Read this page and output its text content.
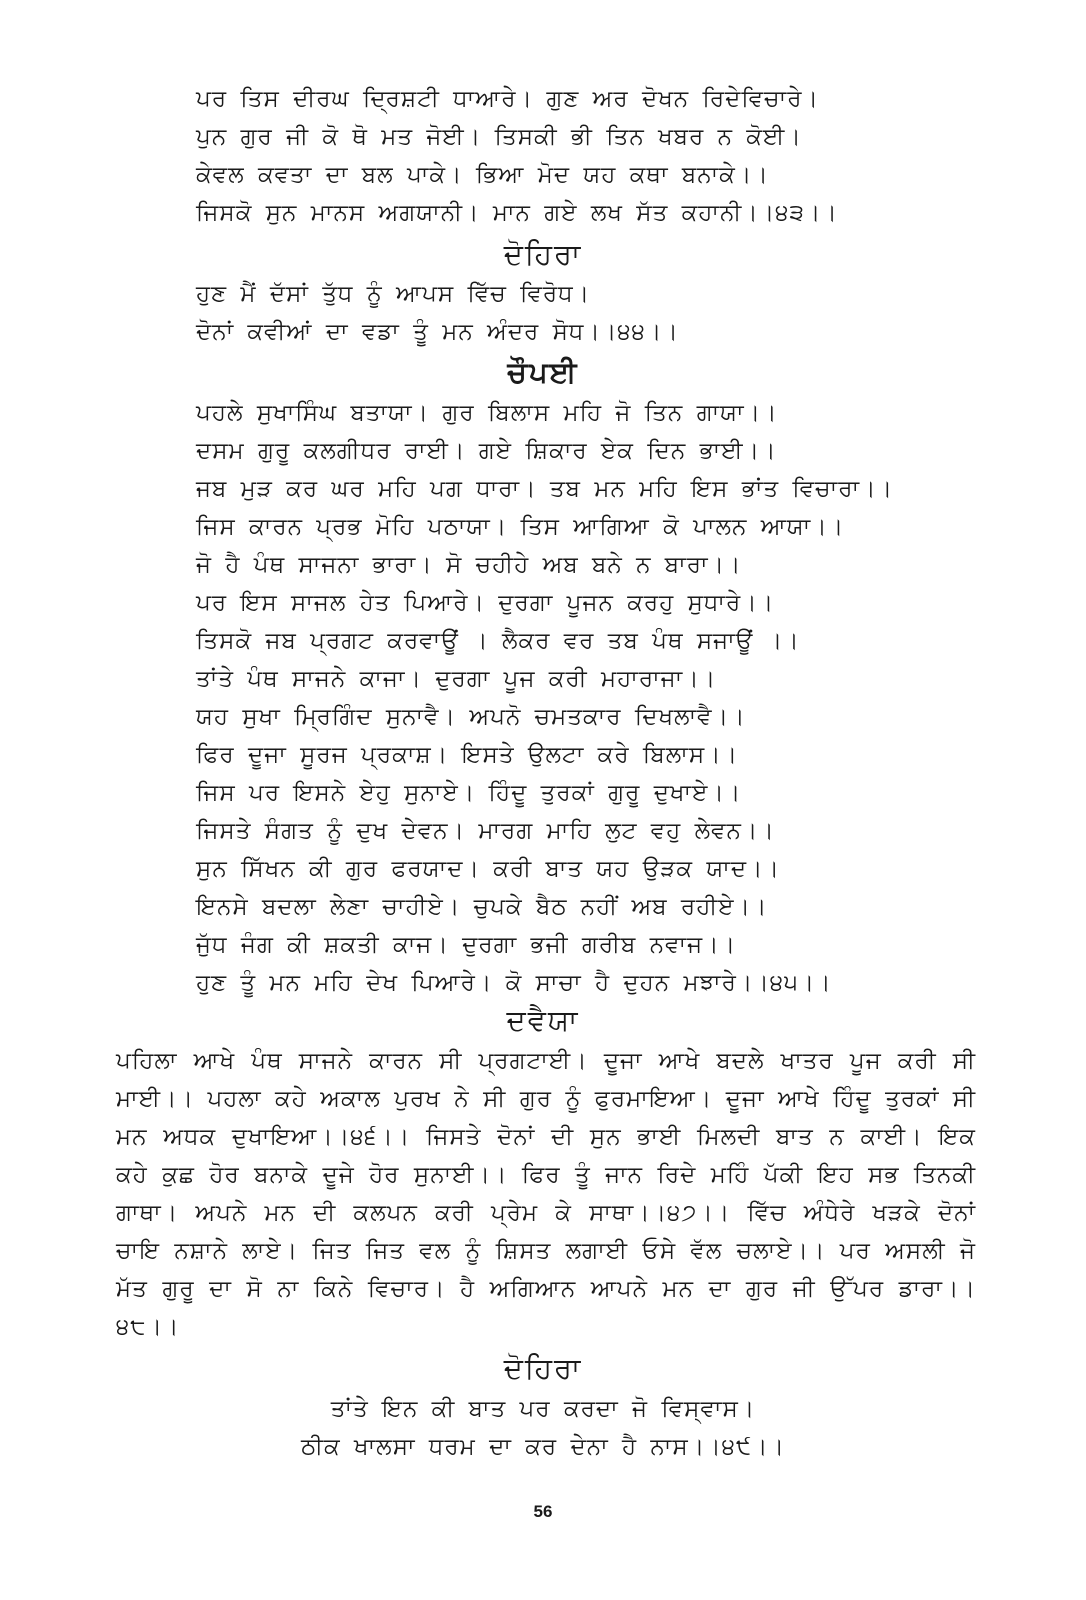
ਪਰ ਤਿਸ ਦੀਰਘ ਦ੍ਰਿਸ਼ਟੀ ਧਾਆਰੇ। ਗੁਣ ਅਰ ਦੋਖਨ ਰਿਦੇਵਿਚਾਰੇ।
ਪੁਨ ਗੁਰ ਜੀ ਕੋ ਥੋ ਮਤ ਜੋਈ। ਤਿਸਕੀ ਭੀ ਤਿਨ ਖਬਰ ਨ ਕੋਈ।
ਕੇਵਲ ਕਵਤਾ ਦਾ ਬਲ ਪਾਕੇ। ਭਿਆ ਮੋਦ ਯਹ ਕਥਾ ਬਨਾਕੇ।।
ਜਿਸਕੋ ਸੁਨ ਮਾਨਸ ਅਗਯਾਨੀ। ਮਾਨ ਗਏ ਲਖ ਸੱਤ ਕਹਾਨੀ।।੪੩।।
ਦੋਹਿਰਾ
ਹੁਣ ਮੈਂ ਦੱਸਾਂ ਤੁੱਧ ਨੂੰ ਆਪਸ ਵਿੱਚ ਵਿਰੋਧ।
ਦੋਨਾਂ ਕਵੀਆਂ ਦਾ ਵਡਾ ਤੂੰ ਮਨ ਅੰਦਰ ਸੋਧ।।੪੪।।
ਚੌਪਈ
ਪਹਲੇ ਸੁਖਾਸਿੰਘ ਬਤਾਯਾ। ਗੁਰ ਬਿਲਾਸ ਮਹਿ ਜੋ ਤਿਨ ਗਾਯਾ।।
ਦਸਮ ਗੁਰੂ ਕਲਗੀਧਰ ਰਾਈ। ਗਏ ਸ਼ਿਕਾਰ ਏਕ ਦਿਨ ਭਾਈ।।
ਜਬ ਮੁੜ ਕਰ ਘਰ ਮਹਿ ਪਗ ਧਾਰਾ। ਤਬ ਮਨ ਮਹਿ ਇਸ ਭਾਂਤ ਵਿਚਾਰਾ।।
ਜਿਸ ਕਾਰਨ ਪ੍ਰਭ ਮੋਹਿ ਪਠਾਯਾ। ਤਿਸ ਆਗਿਆ ਕੋ ਪਾਲਨ ਆਯਾ।।
ਜੋ ਹੈ ਪੰਥ ਸਾਜਨਾ ਭਾਰਾ। ਸੋ ਚਹੀਹੇ ਅਬ ਬਨੇ ਨ ਬਾਰਾ।।
ਪਰ ਇਸ ਸਾਜਲ ਹੇਤ ਪਿਆਰੇ। ਦੁਰਗਾ ਪੂਜਨ ਕਰਹੁ ਸੁਧਾਰੇ।।
ਤਿਸਕੋ ਜਬ ਪ੍ਰਗਟ ਕਰਵਾਊਂ । ਲੈਕਰ ਵਰ ਤਬ ਪੰਥ ਸਜਾਊਂ ।।
ਤਾਂਤੇ ਪੰਥ ਸਾਜਨੇ ਕਾਜਾ। ਦੁਰਗਾ ਪੂਜ ਕਰੀ ਮਹਾਰਾਜਾ।।
ਯਹ ਸੁਖਾ ਮ੍ਰਿਗਿੰਦ ਸੁਨਾਵੈ। ਅਪਨੋ ਚਮਤਕਾਰ ਦਿਖਲਾਵੈ।।
ਫਿਰ ਦੂਜਾ ਸੂਰਜ ਪ੍ਰਕਾਸ਼। ਇਸਤੇ ਉਲਟਾ ਕਰੇ ਬਿਲਾਸ।।
ਜਿਸ ਪਰ ਇਸਨੇ ਏਹੁ ਸੁਨਾਏ। ਹਿੰਦੂ ਤੁਰਕਾਂ ਗੁਰੂ ਦੁਖਾਏ।।
ਜਿਸਤੇ ਸੰਗਤ ਨੂੰ ਦੁਖ ਦੇਵਨ। ਮਾਰਗ ਮਾਹਿ ਲੁਟ ਵਹੁ ਲੇਵਨ।।
ਸੁਨ ਸਿੱਖਨ ਕੀ ਗੁਰ ਫਰਯਾਦ। ਕਰੀ ਬਾਤ ਯਹ ਉੜਕ ਯਾਦ।।
ਇਨਸੇ ਬਦਲਾ ਲੇਣਾ ਚਾਹੀਏ। ਚੁਪਕੇ ਬੈਠ ਨਹੀਂ ਅਬ ਰਹੀਏ।।
ਜੁੱਧ ਜੰਗ ਕੀ ਸ਼ਕਤੀ ਕਾਜ। ਦੁਰਗਾ ਭਜੀ ਗਰੀਬ ਨਵਾਜ।।
ਹੁਣ ਤੂੰ ਮਨ ਮਹਿ ਦੇਖ ਪਿਆਰੇ। ਕੋ ਸਾਚਾ ਹੈ ਦੁਹਨ ਮਝਾਰੇ।।੪੫।।
ਦਵੈਯਾ
ਪਹਿਲਾ ਆਖੇ ਪੰਥ ਸਾਜਨੇ ਕਾਰਨ ਸੀ ਪ੍ਰਗਟਾਈ। ਦੂਜਾ ਆਖੇ ਬਦਲੇ ਖਾਤਰ ਪੂਜ ਕਰੀ ਸੀ ਮਾਈ।। ਪਹਲਾ ਕਹੇ ਅਕਾਲ ਪੁਰਖ ਨੇ ਸੀ ਗੁਰ ਨੂੰ ਫੁਰਮਾਇਆ। ਦੂਜਾ ਆਖੇ ਹਿੰਦੂ ਤੁਰਕਾਂ ਸੀ ਮਨ ਅਧਕ ਦੁਖਾਇਆ।।੪੬।। ਜਿਸਤੇ ਦੋਨਾਂ ਦੀ ਸੁਨ ਭਾਈ ਮਿਲਦੀ ਬਾਤ ਨ ਕਾਈ। ਇਕ ਕਹੇ ਕੁਛ ਹੋਰ ਬਨਾਕੇ ਦੂਜੇ ਹੋਰ ਸੁਨਾਈ।। ਫਿਰ ਤੂੰ ਜਾਨ ਰਿਦੇ ਮਹਿੰ ਪੱਕੀ ਇਹ ਸਭ ਤਿਨਕੀ ਗਾਥਾ। ਅਪਨੇ ਮਨ ਦੀ ਕਲਪਨ ਕਰੀ ਪ੍ਰੇਮ ਕੇ ਸਾਥਾ।।੪੭।। ਵਿੱਚ ਅੰਧੇਰੇ ਖੜਕੇ ਦੋਨਾਂ ਚਾਇ ਨਸ਼ਾਨੇ ਲਾਏ। ਜਿਤ ਜਿਤ ਵਲ ਨੂੰ ਸ਼ਿਸਤ ਲਗਾਈ ਓਸੇ ਵੱਲ ਚਲਾਏ।। ਪਰ ਅਸਲੀ ਜੋ ਮੱਤ ਗੁਰੂ ਦਾ ਸੋ ਨਾ ਕਿਨੇ ਵਿਚਾਰ। ਹੈ ਅਗਿਆਨ ਆਪਨੇ ਮਨ ਦਾ ਗੁਰ ਜੀ ਉੱਪਰ ਡਾਰਾ।।੪੮।।
ਦੋਹਿਰਾ
ਤਾਂਤੇ ਇਨ ਕੀ ਬਾਤ ਪਰ ਕਰਦਾ ਜੋ ਵਿਸ੍ਵਾਸ।
ਠੀਕ ਖਾਲਸਾ ਧਰਮ ਦਾ ਕਰ ਦੇਨਾ ਹੈ ਨਾਸ।।੪੯।।
56
